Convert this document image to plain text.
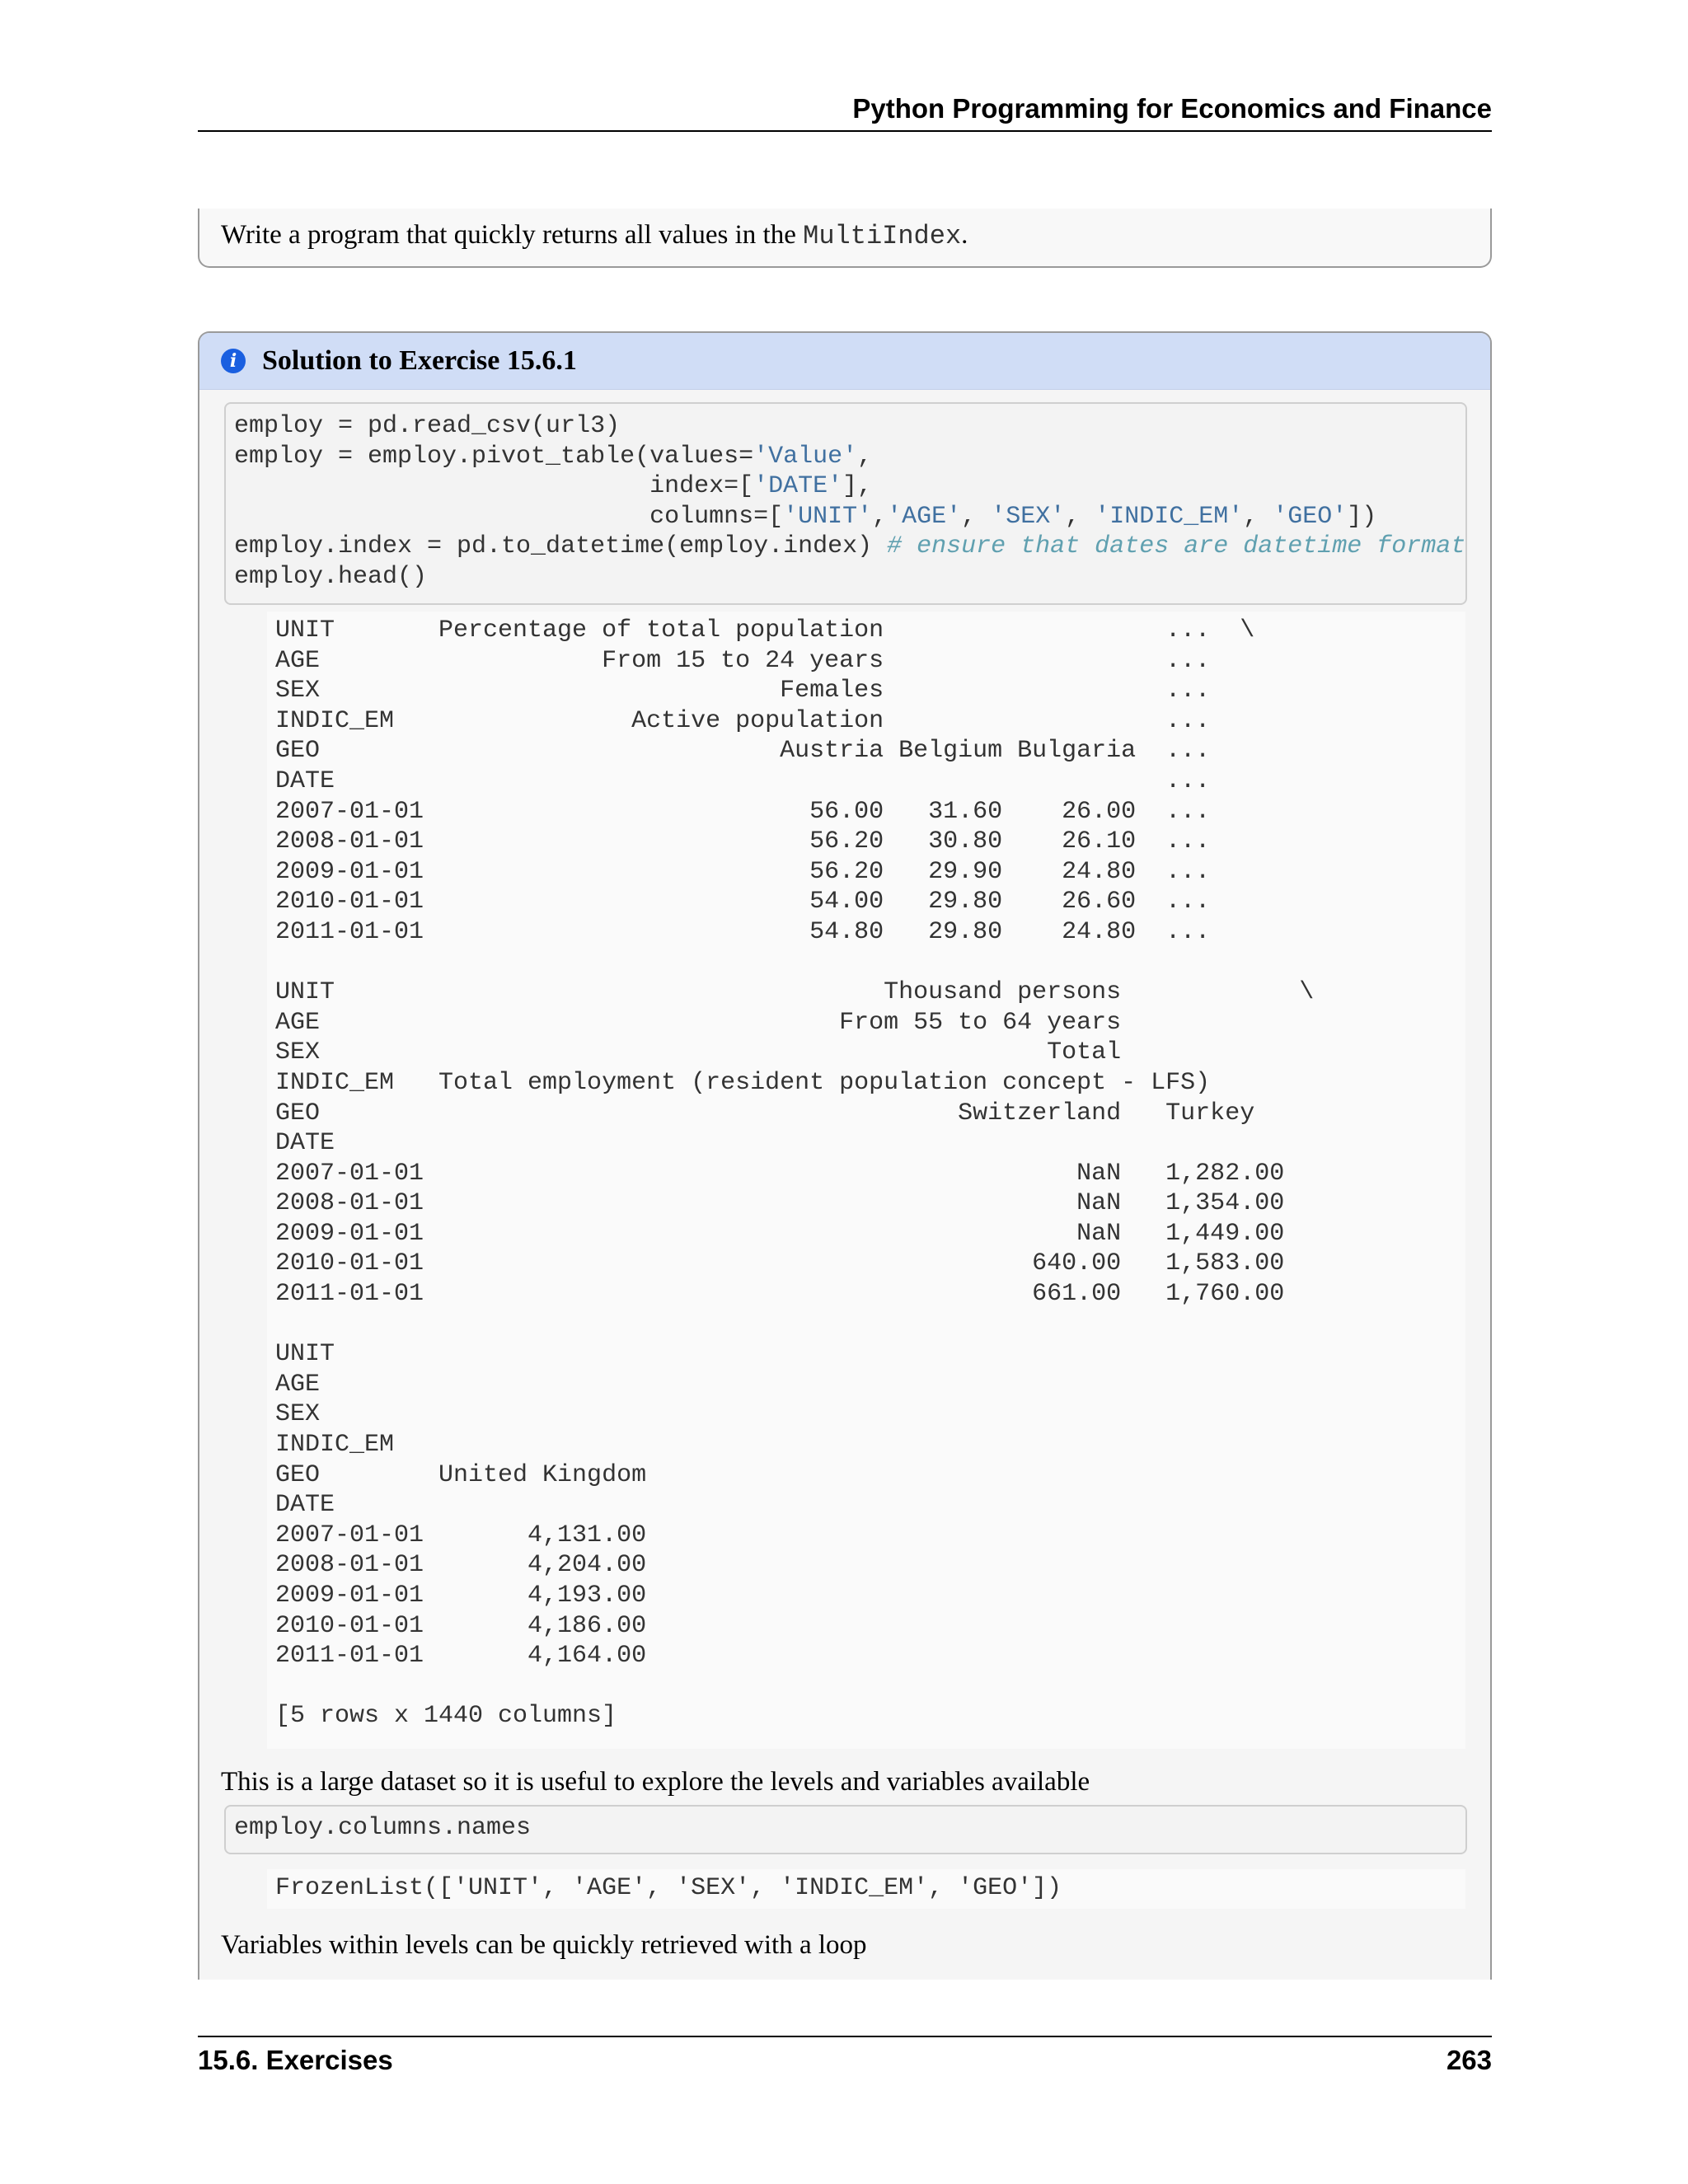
Python Programming for Economics and Finance
Write a program that quickly returns all values in the MultiIndex.
i Solution to Exercise 15.6.1
employ = pd.read_csv(url3)
employ = employ.pivot_table(values='Value',
index=['DATE'],
columns=['UNIT','AGE', 'SEX', 'INDIC_EM', 'GEO'])
employ.index = pd.to_datetime(employ.index) # ensure that dates are datetime format
employ.head()
UNIT       Percentage of total population                   ...  \
AGE                   From 15 to 24 years                   ...
SEX                               Females                   ...
INDIC_EM                Active population                   ...
GEO                               Austria Belgium Bulgaria  ...
DATE                                                        ...
2007-01-01                          56.00   31.60    26.00  ...
2008-01-01                          56.20   30.80    26.10  ...
2009-01-01                          56.20   29.90    24.80  ...
2010-01-01                          54.00   29.80    26.60  ...
2011-01-01                          54.80   29.80    24.80  ...

UNIT                                     Thousand persons            \
AGE                                   From 55 to 64 years
SEX                                                 Total
INDIC_EM   Total employment (resident population concept - LFS)
GEO                                           Switzerland   Turkey
DATE
2007-01-01                                            NaN   1,282.00
2008-01-01                                            NaN   1,354.00
2009-01-01                                            NaN   1,449.00
2010-01-01                                         640.00   1,583.00
2011-01-01                                         661.00   1,760.00

UNIT
AGE
SEX
INDIC_EM
GEO        United Kingdom
DATE
2007-01-01       4,131.00
2008-01-01       4,204.00
2009-01-01       4,193.00
2010-01-01       4,186.00
2011-01-01       4,164.00

[5 rows x 1440 columns]
This is a large dataset so it is useful to explore the levels and variables available
employ.columns.names
FrozenList(['UNIT', 'AGE', 'SEX', 'INDIC_EM', 'GEO'])
Variables within levels can be quickly retrieved with a loop
15.6. Exercises	263
